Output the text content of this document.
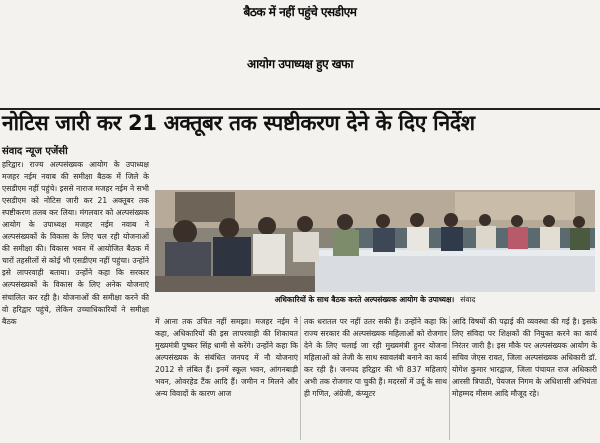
बैठक में नहीं पहुंचे एसडीएम
आयोग उपाध्यक्ष हुए खफा
नोटिस जारी कर 21 अक्तूबर तक स्पष्टीकरण देने के दिए निर्देश
संवाद न्यूज एजेंसी

हरिद्वार। राज्य अल्पसंख्यक आयोग के उपाध्यक्ष मजहर नईम नवाब की समीक्षा बैठक में जिले के एसडीएम नहीं पहुंचे। इससे नाराज मजहर नईम ने सभी एसडीएम को नोटिस जारी कर 21 अक्तूबर तक स्पष्टीकरण तलब कर लिया। मंगलवार को अल्पसंख्यक आयोग के उपाध्यक्ष मजहर नईम नवाब ने अल्पसंख्यकों के विकास के लिए चल रही योजनाओं की समीक्षा की। विकास भवन में आयोजित बैठक में चारों तहसीलों से कोई भी एसडीएम नहीं पहुंचा। उन्होंने इसे लापरवाही बताया। उन्होंने कहा कि सरकार अल्पसंख्यकों के विकास के लिए अनेक योजनाएं संचालित कर रही है। योजनाओं की समीक्षा करने की वो हरिद्वार पहुंचे, लेकिन उच्चाधिकारियों ने समीक्षा बैठक

अधिकारियों के साथ बैठक करते अल्पसंख्यक आयोग के उपाध्यक्ष। संवाद

में आना तक उचित नहीं समझा। मजहर नईम ने कहा, अधिकारियों की इस लापरवाही की शिकायत मुख्यमंत्री पुष्कर सिंह धामी से करेंगे। उन्होंने कहा कि अल्पसंख्यक के संबंधित जनपद में नौ योजनाएं 2012 से लंबित हैं। इनमें स्कूल भवन, आंगनबाड़ी भवन, ओवरहेड टैंक आदि हैं। जमीन न मिलने और अन्य विवादों के कारण आज

तक धरातल पर नहीं उतर सकी हैं। उन्होंने कहा कि राज्य सरकार की अल्पसंख्यक महिलाओं को रोजगार देने के लिए चलाई जा रही मुख्यमंत्री हुनर योजना महिलाओं को तेजी के साथ स्वावलंबी बनाने का कार्य कर रही है। जनपद हरिद्वार की भी 837 महिलाएं अभी तक रोजगार पा चुकी हैं। मदरसों में उर्दू के साथ ही गणित, अंग्रेजी, कंप्यूटर

आदि विषयों की पढ़ाई की व्यवस्था की गई है। इसके लिए संविदा पर शिक्षकों की नियुक्त करने का कार्य निरंतर जारी है। इस मौके पर अल्पसंख्यक आयोग के सचिव जेएस रावत, जिला अल्पसंख्यक अधिकारी डॉ. योगेश कुमार भारद्वाज, जिला पंचायत राज अधिकारी आरसी त्रिपाठी, पेयजल निगम के अधिशासी अभियंता मोहम्मद मीसम आदि मौजूद रहे।
